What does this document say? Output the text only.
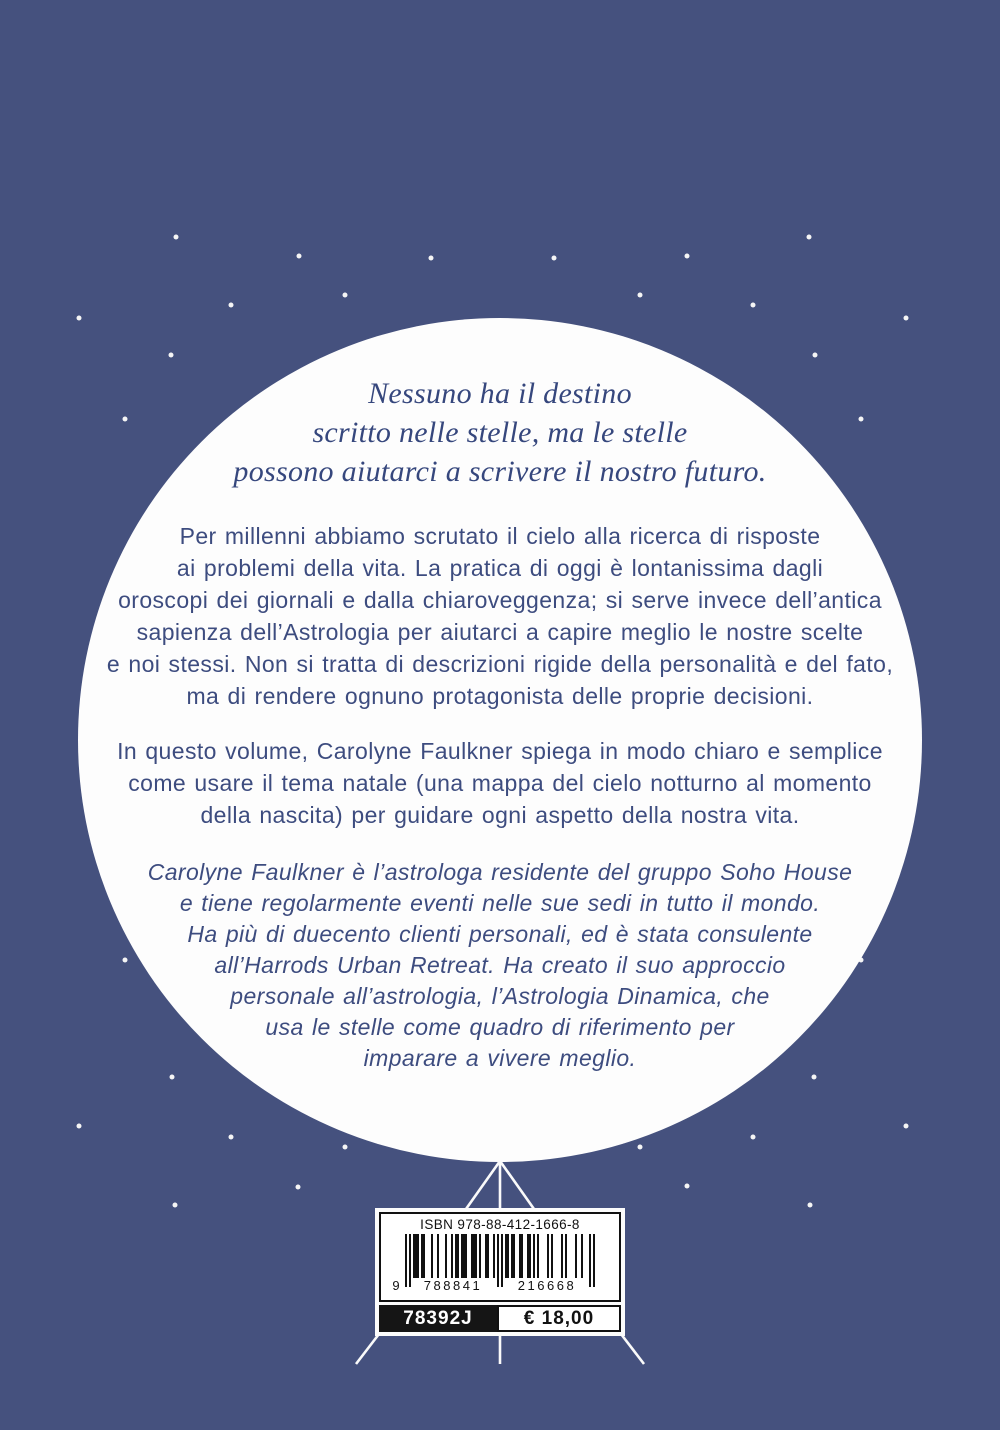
Nessuno ha il destino
scritto nelle stelle, ma le stelle
possono aiutarci a scrivere il nostro futuro.

Per millenni abbiamo scrutato il cielo alla ricerca di risposte
ai problemi della vita. La pratica di oggi è lontanissima dagli
oroscopi dei giornali e dalla chiaroveggenza; si serve invece dell’antica
sapienza dell’Astrologia per aiutarci a capire meglio le nostre scelte
e noi stessi. Non si tratta di descrizioni rigide della personalità e del fato,
ma di rendere ognuno protagonista delle proprie decisioni.

In questo volume, Carolyne Faulkner spiega in modo chiaro e semplice
come usare il tema natale (una mappa del cielo notturno al momento
della nascita) per guidare ogni aspetto della nostra vita.

Carolyne Faulkner è l’astrologa residente del gruppo Soho House
e tiene regolarmente eventi nelle sue sedi in tutto il mondo.
Ha più di duecento clienti personali, ed è stata consulente
all’Harrods Urban Retreat. Ha creato il suo approccio
personale all’astrologia, l’Astrologia Dinamica, che
usa le stelle come quadro di riferimento per
imparare a vivere meglio.

ISBN 978-88-412-1666-8
9	788841	216668
78392J	€ 18,00
